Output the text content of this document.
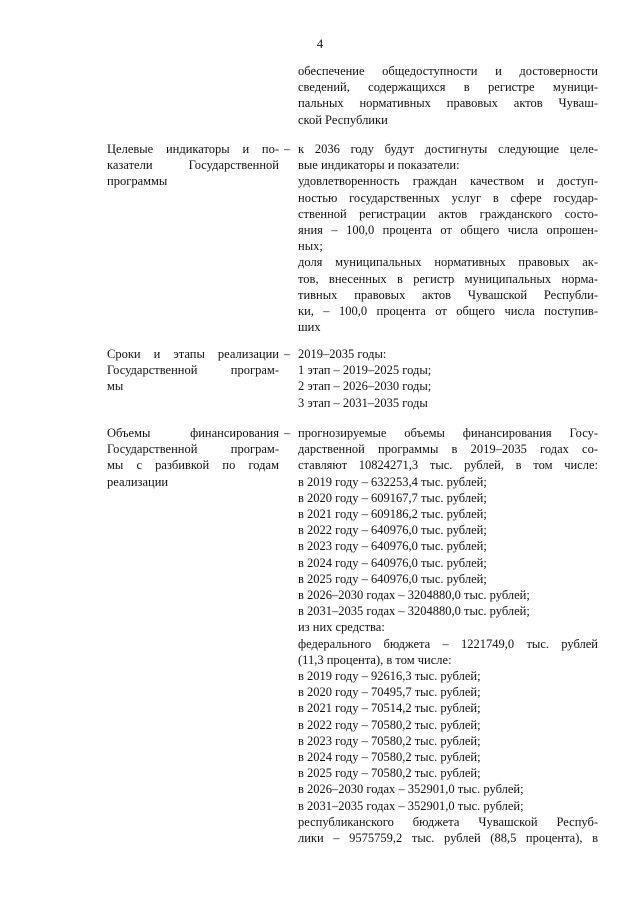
4
обеспечение общедоступности и достоверности
сведений, содержащихся в регистре муници-
пальных нормативных правовых актов Чуваш-
ской Республики
Целевые индикаторы и по-
казатели Государственной
программы
– к 2036 году будут достигнуты следующие целе-
вые индикаторы и показатели:
удовлетворенность граждан качеством и доступ-
ностью государственных услуг в сфере государ-
ственной регистрации актов гражданского состо-
яния – 100,0 процента от общего числа опрошен-
ных;
доля муниципальных нормативных правовых ак-
тов, внесенных в регистр муниципальных норма-
тивных правовых актов Чувашской Республи-
ки, – 100,0 процента от общего числа поступив-
ших
Сроки и этапы реализации
Государственной програм-
мы
– 2019–2035 годы:
1 этап – 2019–2025 годы;
2 этап – 2026–2030 годы;
3 этап – 2031–2035 годы
Объемы финансирования
Государственной програм-
мы с разбивкой по годам
реализации
– прогнозируемые объемы финансирования Госу-
дарственной программы в 2019–2035 годах со-
ставляют 10824271,3 тыс. рублей, в том числе:
в 2019 году – 632253,4 тыс. рублей;
в 2020 году – 609167,7 тыс. рублей;
в 2021 году – 609186,2 тыс. рублей;
в 2022 году – 640976,0 тыс. рублей;
в 2023 году – 640976,0 тыс. рублей;
в 2024 году – 640976,0 тыс. рублей;
в 2025 году – 640976,0 тыс. рублей;
в 2026–2030 годах – 3204880,0 тыс. рублей;
в 2031–2035 годах – 3204880,0 тыс. рублей;
из них средства:
федерального бюджета – 1221749,0 тыс. рублей
(11,3 процента), в том числе:
в 2019 году – 92616,3 тыс. рублей;
в 2020 году – 70495,7 тыс. рублей;
в 2021 году – 70514,2 тыс. рублей;
в 2022 году – 70580,2 тыс. рублей;
в 2023 году – 70580,2 тыс. рублей;
в 2024 году – 70580,2 тыс. рублей;
в 2025 году – 70580,2 тыс. рублей;
в 2026–2030 годах – 352901,0 тыс. рублей;
в 2031–2035 годах – 352901,0 тыс. рублей;
республиканского бюджета Чувашской Респуб-
лики – 9575759,2 тыс. рублей (88,5 процента), в
